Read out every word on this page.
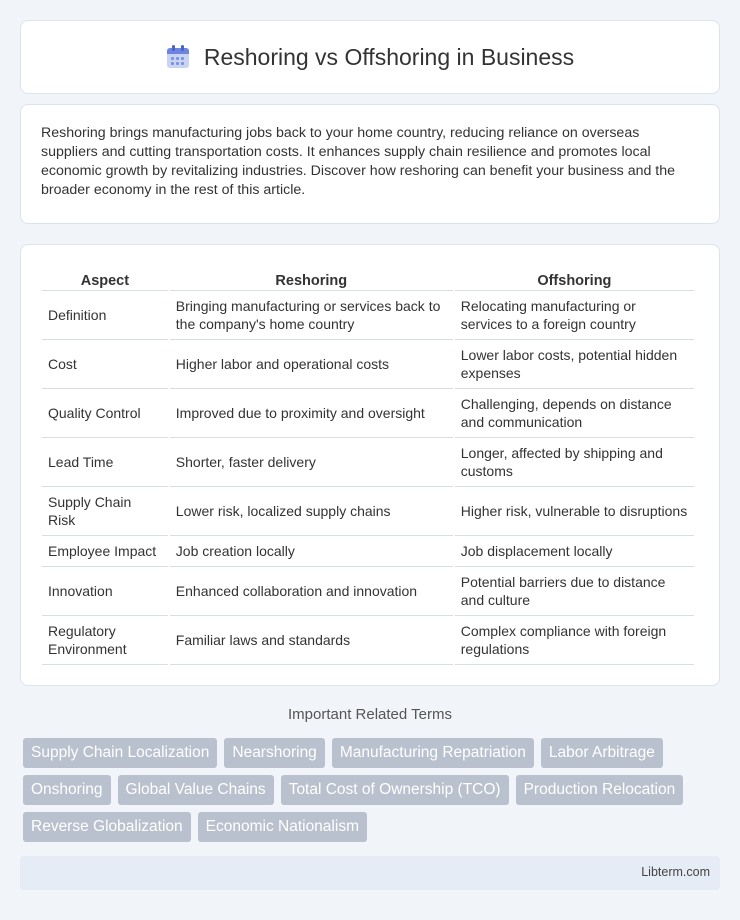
Reshoring vs Offshoring in Business

Reshoring brings manufacturing jobs back to your home country, reducing reliance on overseas suppliers and cutting transportation costs. It enhances supply chain resilience and promotes local economic growth by revitalizing industries. Discover how reshoring can benefit your business and the broader economy in the rest of this article.

Aspect	Reshoring	Offshoring
Definition	Bringing manufacturing or services back to the company's home country	Relocating manufacturing or services to a foreign country
Cost	Higher labor and operational costs	Lower labor costs, potential hidden expenses
Quality Control	Improved due to proximity and oversight	Challenging, depends on distance and communication
Lead Time	Shorter, faster delivery	Longer, affected by shipping and customs
Supply Chain Risk	Lower risk, localized supply chains	Higher risk, vulnerable to disruptions
Employee Impact	Job creation locally	Job displacement locally
Innovation	Enhanced collaboration and innovation	Potential barriers due to distance and culture
Regulatory Environment	Familiar laws and standards	Complex compliance with foreign regulations
Important Related Terms
Supply Chain Localization	Nearshoring	Manufacturing Repatriation	Labor Arbitrage
Onshoring	Global Value Chains	Total Cost of Ownership (TCO)	Production Relocation
Reverse Globalization	Economic Nationalism
Libterm.com
